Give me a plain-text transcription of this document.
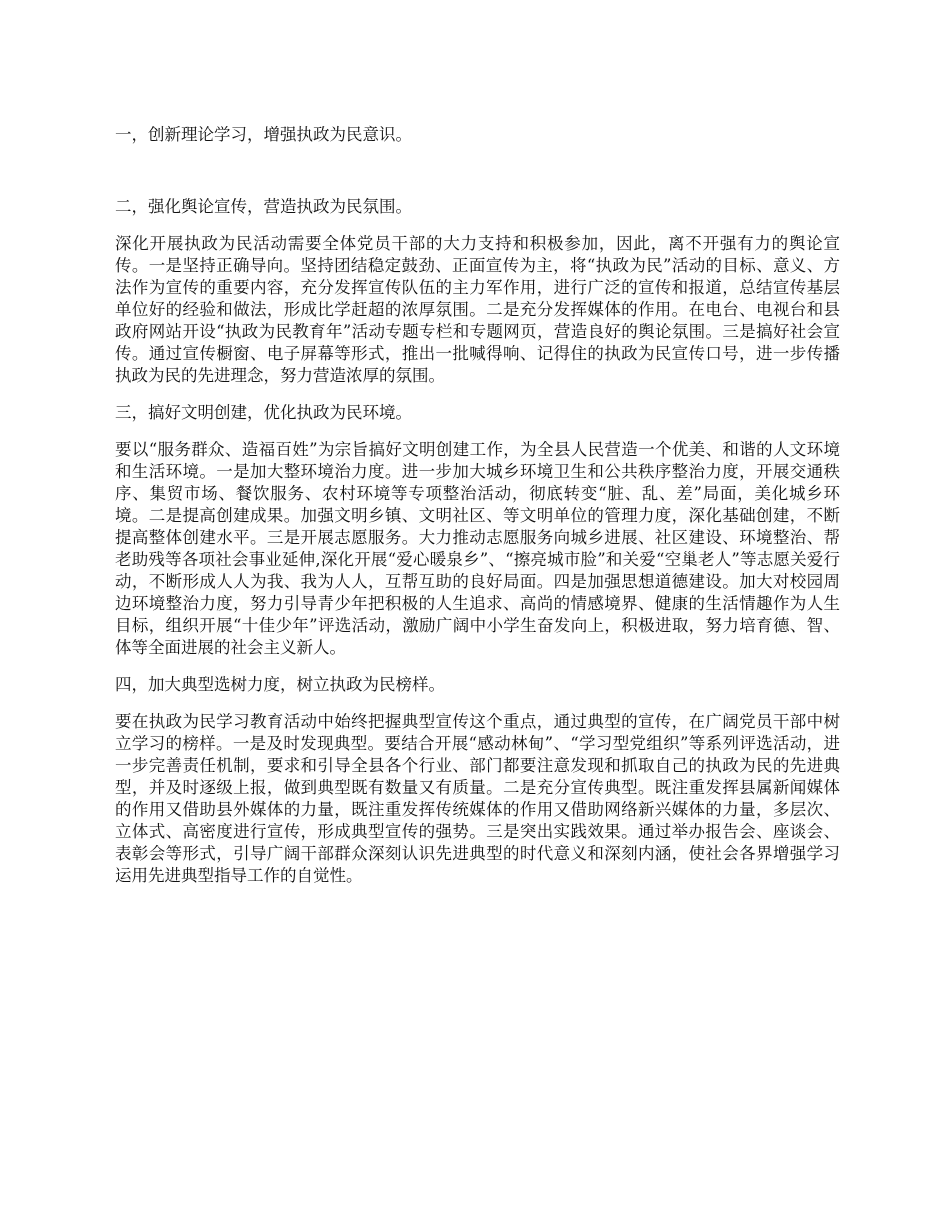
一，创新理论学习，增强执政为民意识。

二，强化舆论宣传，营造执政为民氛围。

深化开展执政为民活动需要全体党员干部的大力支持和积极参加，因此，离不开强有力的舆论宣传。一是坚持正确导向。坚持团结稳定鼓劲、正面宣传为主，将“执政为民”活动的目标、意义、方法作为宣传的重要内容，充分发挥宣传队伍的主力军作用，进行广泛的宣传和报道，总结宣传基层单位好的经验和做法，形成比学赶超的浓厚氛围。二是充分发挥媒体的作用。在电台、电视台和县政府网站开设“执政为民教育年”活动专题专栏和专题网页，营造良好的舆论氛围。三是搞好社会宣传。通过宣传橱窗、电子屏幕等形式，推出一批喊得响、记得住的执政为民宣传口号，进一步传播执政为民的先进理念，努力营造浓厚的氛围。

三，搞好文明创建，优化执政为民环境。

要以“服务群众、造福百姓”为宗旨搞好文明创建工作，为全县人民营造一个优美、和谐的人文环境和生活环境。一是加大整环境治力度。进一步加大城乡环境卫生和公共秩序整治力度，开展交通秩序、集贸市场、餐饮服务、农村环境等专项整治活动，彻底转变“脏、乱、差”局面，美化城乡环境。二是提高创建成果。加强文明乡镇、文明社区、等文明单位的管理力度，深化基础创建，不断提高整体创建水平。三是开展志愿服务。大力推动志愿服务向城乡进展、社区建设、环境整治、帮老助残等各项社会事业延伸,深化开展“爱心暖泉乡”、“擦亮城市脸”和关爱“空巢老人”等志愿关爱行动，不断形成人人为我、我为人人，互帮互助的良好局面。四是加强思想道德建设。加大对校园周边环境整治力度，努力引导青少年把积极的人生追求、高尚的情感境界、健康的生活情趣作为人生目标，组织开展“十佳少年”评选活动，激励广阔中小学生奋发向上，积极进取，努力培育德、智、体等全面进展的社会主义新人。

四，加大典型选树力度，树立执政为民榜样。

要在执政为民学习教育活动中始终把握典型宣传这个重点，通过典型的宣传，在广阔党员干部中树立学习的榜样。一是及时发现典型。要结合开展“感动林甸”、“学习型党组织”等系列评选活动，进一步完善责任机制，要求和引导全县各个行业、部门都要注意发现和抓取自己的执政为民的先进典型，并及时逐级上报，做到典型既有数量又有质量。二是充分宣传典型。既注重发挥县属新闻媒体的作用又借助县外媒体的力量，既注重发挥传统媒体的作用又借助网络新兴媒体的力量，多层次、立体式、高密度进行宣传，形成典型宣传的强势。三是突出实践效果。通过举办报告会、座谈会、表彰会等形式，引导广阔干部群众深刻认识先进典型的时代意义和深刻内涵，使社会各界增强学习运用先进典型指导工作的自觉性。
